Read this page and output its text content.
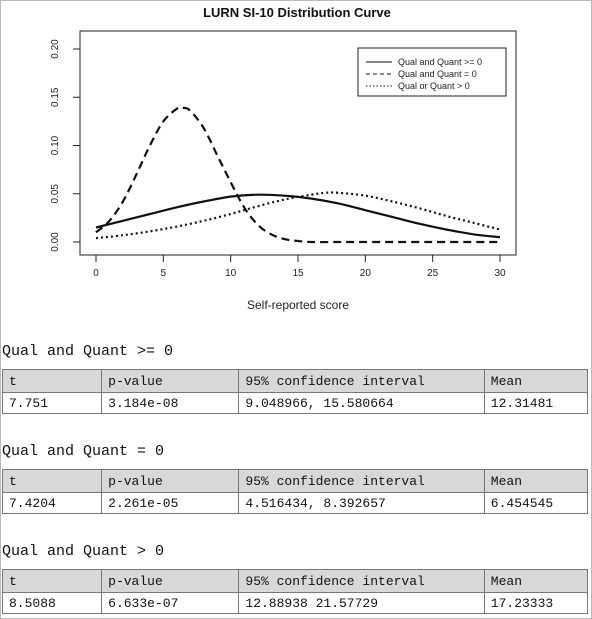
LURN SI-10 Distribution Curve
0	5	10	15	20	25	30
0.00
0.05
0.10
0.15
0.20
Self-reported score
Qual and Quant >= 0
Qual and Quant = 0
Qual or Quant > 0
Qual and Quant >= 0
t	p-value	95% confidence interval	Mean
7.751	3.184e-08	9.048966, 15.580664	12.31481
Qual and Quant = 0
t	p-value	95% confidence interval	Mean
7.4204	2.261e-05	4.516434, 8.392657	6.454545
Qual and Quant > 0
t	p-value	95% confidence interval	Mean
8.5088	6.633e-07	12.88938 21.57729	17.23333
